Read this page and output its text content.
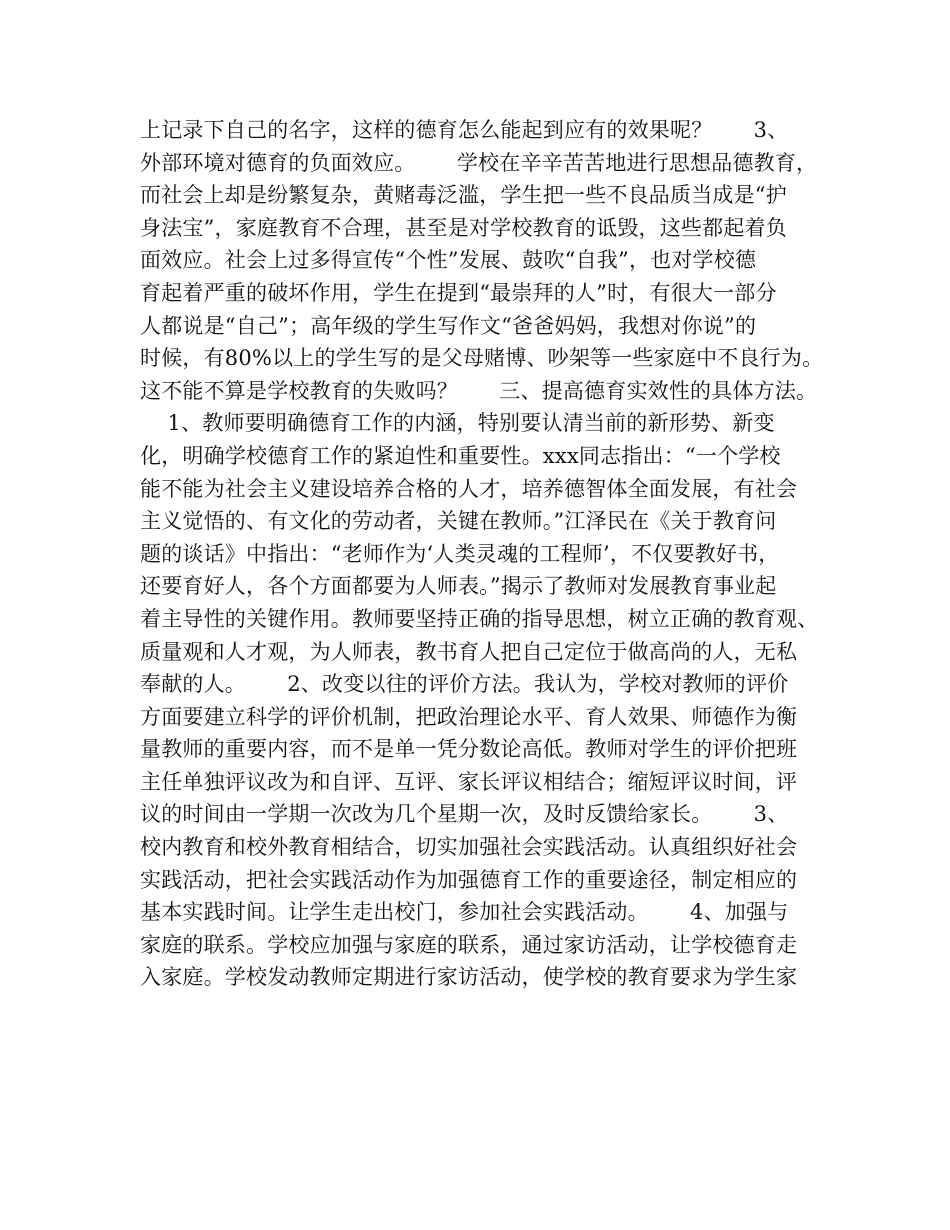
上记录下自己的名字，这样的德育怎么能起到应有的效果呢？      3、
外部环境对德育的负面效应。      学校在辛辛苦苦地进行思想品德教育，
而社会上却是纷繁复杂，黄赌毒泛滥，学生把一些不良品质当成是“护
身法宝”，家庭教育不合理，甚至是对学校教育的诋毁，这些都起着负
面效应。社会上过多得宣传“个性”发展、鼓吹“自我”，也对学校德
育起着严重的破坏作用，学生在提到“最崇拜的人”时，有很大一部分
人都说是“自己”；高年级的学生写作文“爸爸妈妈，我想对你说”的
时候，有80%以上的学生写的是父母赌博、吵架等一些家庭中不良行为。
这不能不算是学校教育的失败吗？      三、提高德育实效性的具体方法。
1、教师要明确德育工作的内涵，特别要认清当前的新形势、新变
化，明确学校德育工作的紧迫性和重要性。xxx同志指出：“一个学校
能不能为社会主义建设培养合格的人才，培养德智体全面发展，有社会
主义觉悟的、有文化的劳动者，关键在教师。”江泽民在《关于教育问
题的谈话》中指出：“老师作为‘人类灵魂的工程师’，不仅要教好书，
还要育好人，各个方面都要为人师表。”揭示了教师对发展教育事业起
着主导性的关键作用。教师要坚持正确的指导思想，树立正确的教育观、
质量观和人才观，为人师表，教书育人把自己定位于做高尚的人，无私
奉献的人。      2、改变以往的评价方法。我认为，学校对教师的评价
方面要建立科学的评价机制，把政治理论水平、育人效果、师德作为衡
量教师的重要内容，而不是单一凭分数论高低。教师对学生的评价把班
主任单独评议改为和自评、互评、家长评议相结合；缩短评议时间，评
议的时间由一学期一次改为几个星期一次，及时反馈给家长。      3、
校内教育和校外教育相结合，切实加强社会实践活动。认真组织好社会
实践活动，把社会实践活动作为加强德育工作的重要途径，制定相应的
基本实践时间。让学生走出校门，参加社会实践活动。      4、加强与
家庭的联系。学校应加强与家庭的联系，通过家访活动，让学校德育走
入家庭。学校发动教师定期进行家访活动，使学校的教育要求为学生家
